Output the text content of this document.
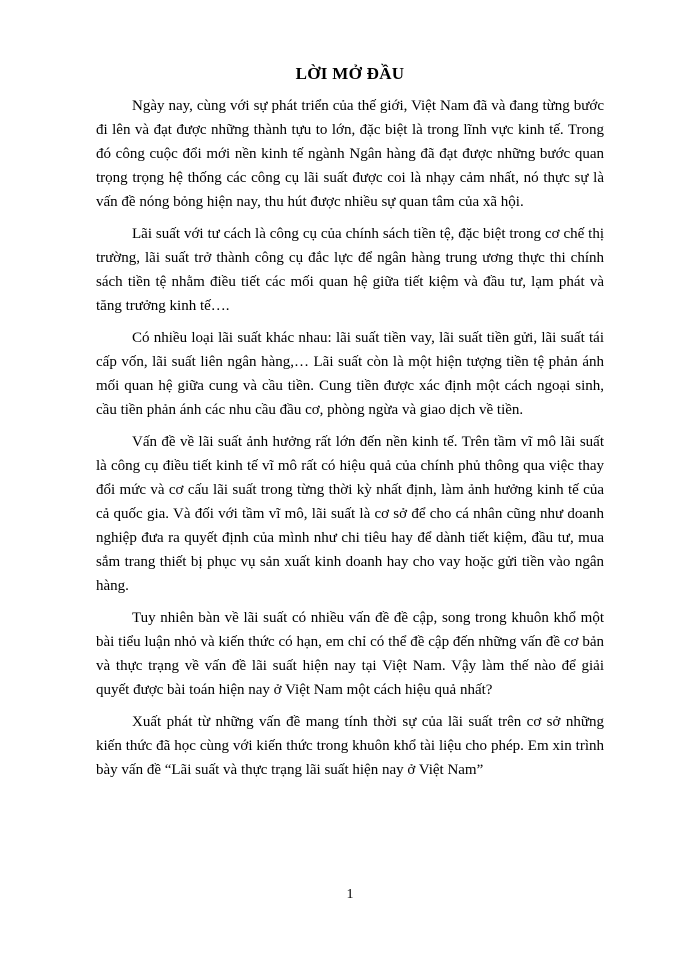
LỜI MỞ ĐẦU

Ngày nay, cùng với sự phát triển của thế giới, Việt Nam đã và đang từng bước đi lên và đạt được những thành tựu to lớn, đặc biệt là trong lĩnh vực kinh tế. Trong đó công cuộc đổi mới nền kinh tế ngành Ngân hàng đã đạt được những bước quan trọng trọng hệ thống các công cụ lãi suất được coi là nhạy cảm nhất, nó thực sự là vấn đề nóng bỏng hiện nay, thu hút được nhiều sự quan tâm của xã hội.

Lãi suất với tư cách là công cụ của chính sách tiền tệ, đặc biệt trong cơ chế thị trường, lãi suất trở thành công cụ đắc lực để ngân hàng trung ương thực thi chính sách tiền tệ nhằm điều tiết các mối quan hệ giữa tiết kiệm và đầu tư, lạm phát và tăng trưởng kinh tế….

Có nhiều loại lãi suất khác nhau: lãi suất tiền vay, lãi suất tiền gửi, lãi suất tái cấp vốn, lãi suất liên ngân hàng,… Lãi suất còn là một hiện tượng tiền tệ phản ánh mối quan hệ giữa cung và cầu tiền. Cung tiền được xác định một cách ngoại sinh, cầu tiền phản ánh các nhu cầu đầu cơ, phòng ngừa và giao dịch về tiền.

Vấn đề về lãi suất ảnh hưởng rất lớn đến nền kinh tế. Trên tầm vĩ mô lãi suất là công cụ điều tiết kinh tế vĩ mô rất có hiệu quả của chính phủ thông qua việc thay đổi mức và cơ cấu lãi suất trong từng thời kỳ nhất định, làm ảnh hưởng kinh tế của cả quốc gia. Và đối với tầm vĩ mô, lãi suất là cơ sở để cho cá nhân cũng như doanh nghiệp đưa ra quyết định của mình như chi tiêu hay để dành tiết kiệm, đầu tư, mua sắm trang thiết bị phục vụ sản xuất kinh doanh hay cho vay hoặc gửi tiền vào ngân hàng.

Tuy nhiên bàn về lãi suất có nhiều vấn đề đề cập, song trong khuôn khổ một bài tiểu luận nhỏ và kiến thức có hạn, em chỉ có thể đề cập đến những vấn đề cơ bản và thực trạng về vấn đề lãi suất hiện nay tại Việt Nam. Vậy làm thế nào để giải quyết được bài toán hiện nay ở Việt Nam một cách hiệu quả nhất?

Xuất phát từ những vấn đề mang tính thời sự của lãi suất trên cơ sở những kiến thức đã học cùng với kiến thức trong khuôn khổ tài liệu cho phép. Em xin trình bày vấn đề “Lãi suất và thực trạng lãi suất hiện nay ở Việt Nam”

1
